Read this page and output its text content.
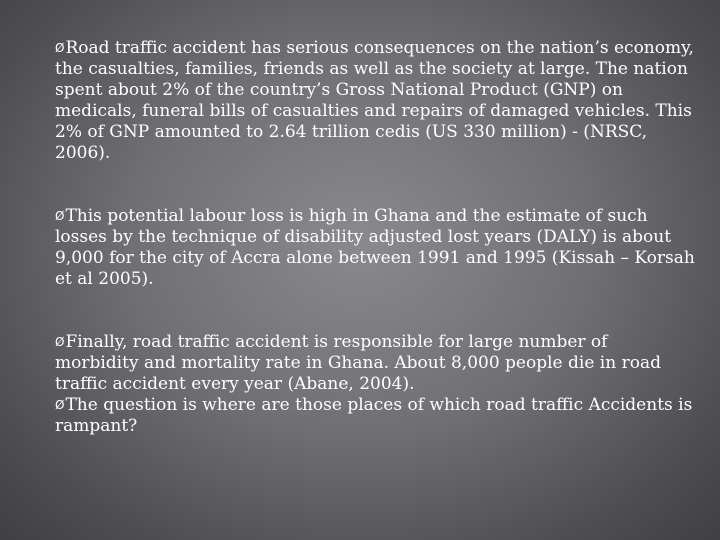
ØRoad traffic accident has serious consequences on the nation’s economy, the casualties, families, friends as well as the society at large. The nation spent about 2% of the country’s Gross National Product (GNP) on medicals, funeral bills of casualties and repairs of damaged vehicles. This 2% of GNP amounted to 2.64 trillion cedis (US 330 million) - (NRSC, 2006).

ØThis potential labour loss is high in Ghana and the estimate of such losses by the technique of disability adjusted lost years (DALY) is about 9,000 for the city of Accra alone between 1991 and 1995 (Kissah – Korsah et al 2005).

ØFinally, road traffic accident is responsible for large number of morbidity and mortality rate in Ghana. About 8,000 people die in road traffic accident every year (Abane, 2004).

ØThe question is where are those places of which road traffic Accidents is rampant?
